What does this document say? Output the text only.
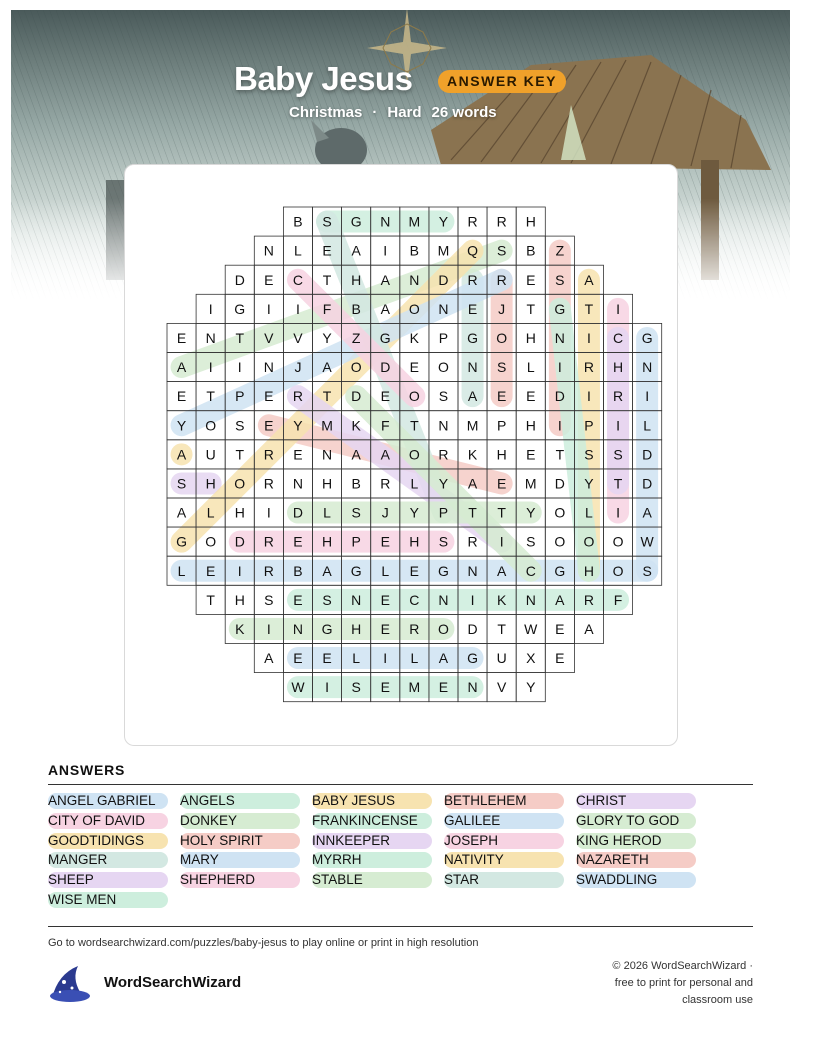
Baby Jesus	ANSWER KEY
Christmas · Hard 26 words
B S G N M Y R R H
N L E A I B M Q S B Z
D E C T H A N D R R E S A
I G I I F B A O N E J T G T I
E N T V V Y Z G K P G O H N I C G
A I I N J A O D E O N S L I R H N
E T P E R T D E O S A E E D I R I
Y O S E Y M K F T N M P H I P I L
A U T R E N A A O R K H E T S S D
S H O R N H B R L Y A E M D Y T D
A L H I D L S J Y P T T Y O L I A
G O D R E H P E H S R I S O O O W
L E I R B A G L E G N A C G H O S
T H S E S N E C N I K N A R F
K I N G H E R O D T W E A
A E E L I L A G U X E
W I S E M E N V Y
ANSWERS
ANGEL GABRIEL	ANGELS	BABY JESUS	BETHLEHEM	CHRIST
CITY OF DAVID	DONKEY	FRANKINCENSE	GALILEE	GLORY TO GOD
GOODTIDINGS	HOLY SPIRIT	INNKEEPER	JOSEPH	KING HEROD
MANGER	MARY	MYRRH	NATIVITY	NAZARETH
SHEEP	SHEPHERD	STABLE	STAR	SWADDLING
WISE MEN
Go to wordsearchwizard.com/puzzles/baby-jesus to play online or print in high resolution
WordSearchWizard
© 2026 WordSearchWizard ·
free to print for personal and
classroom use
